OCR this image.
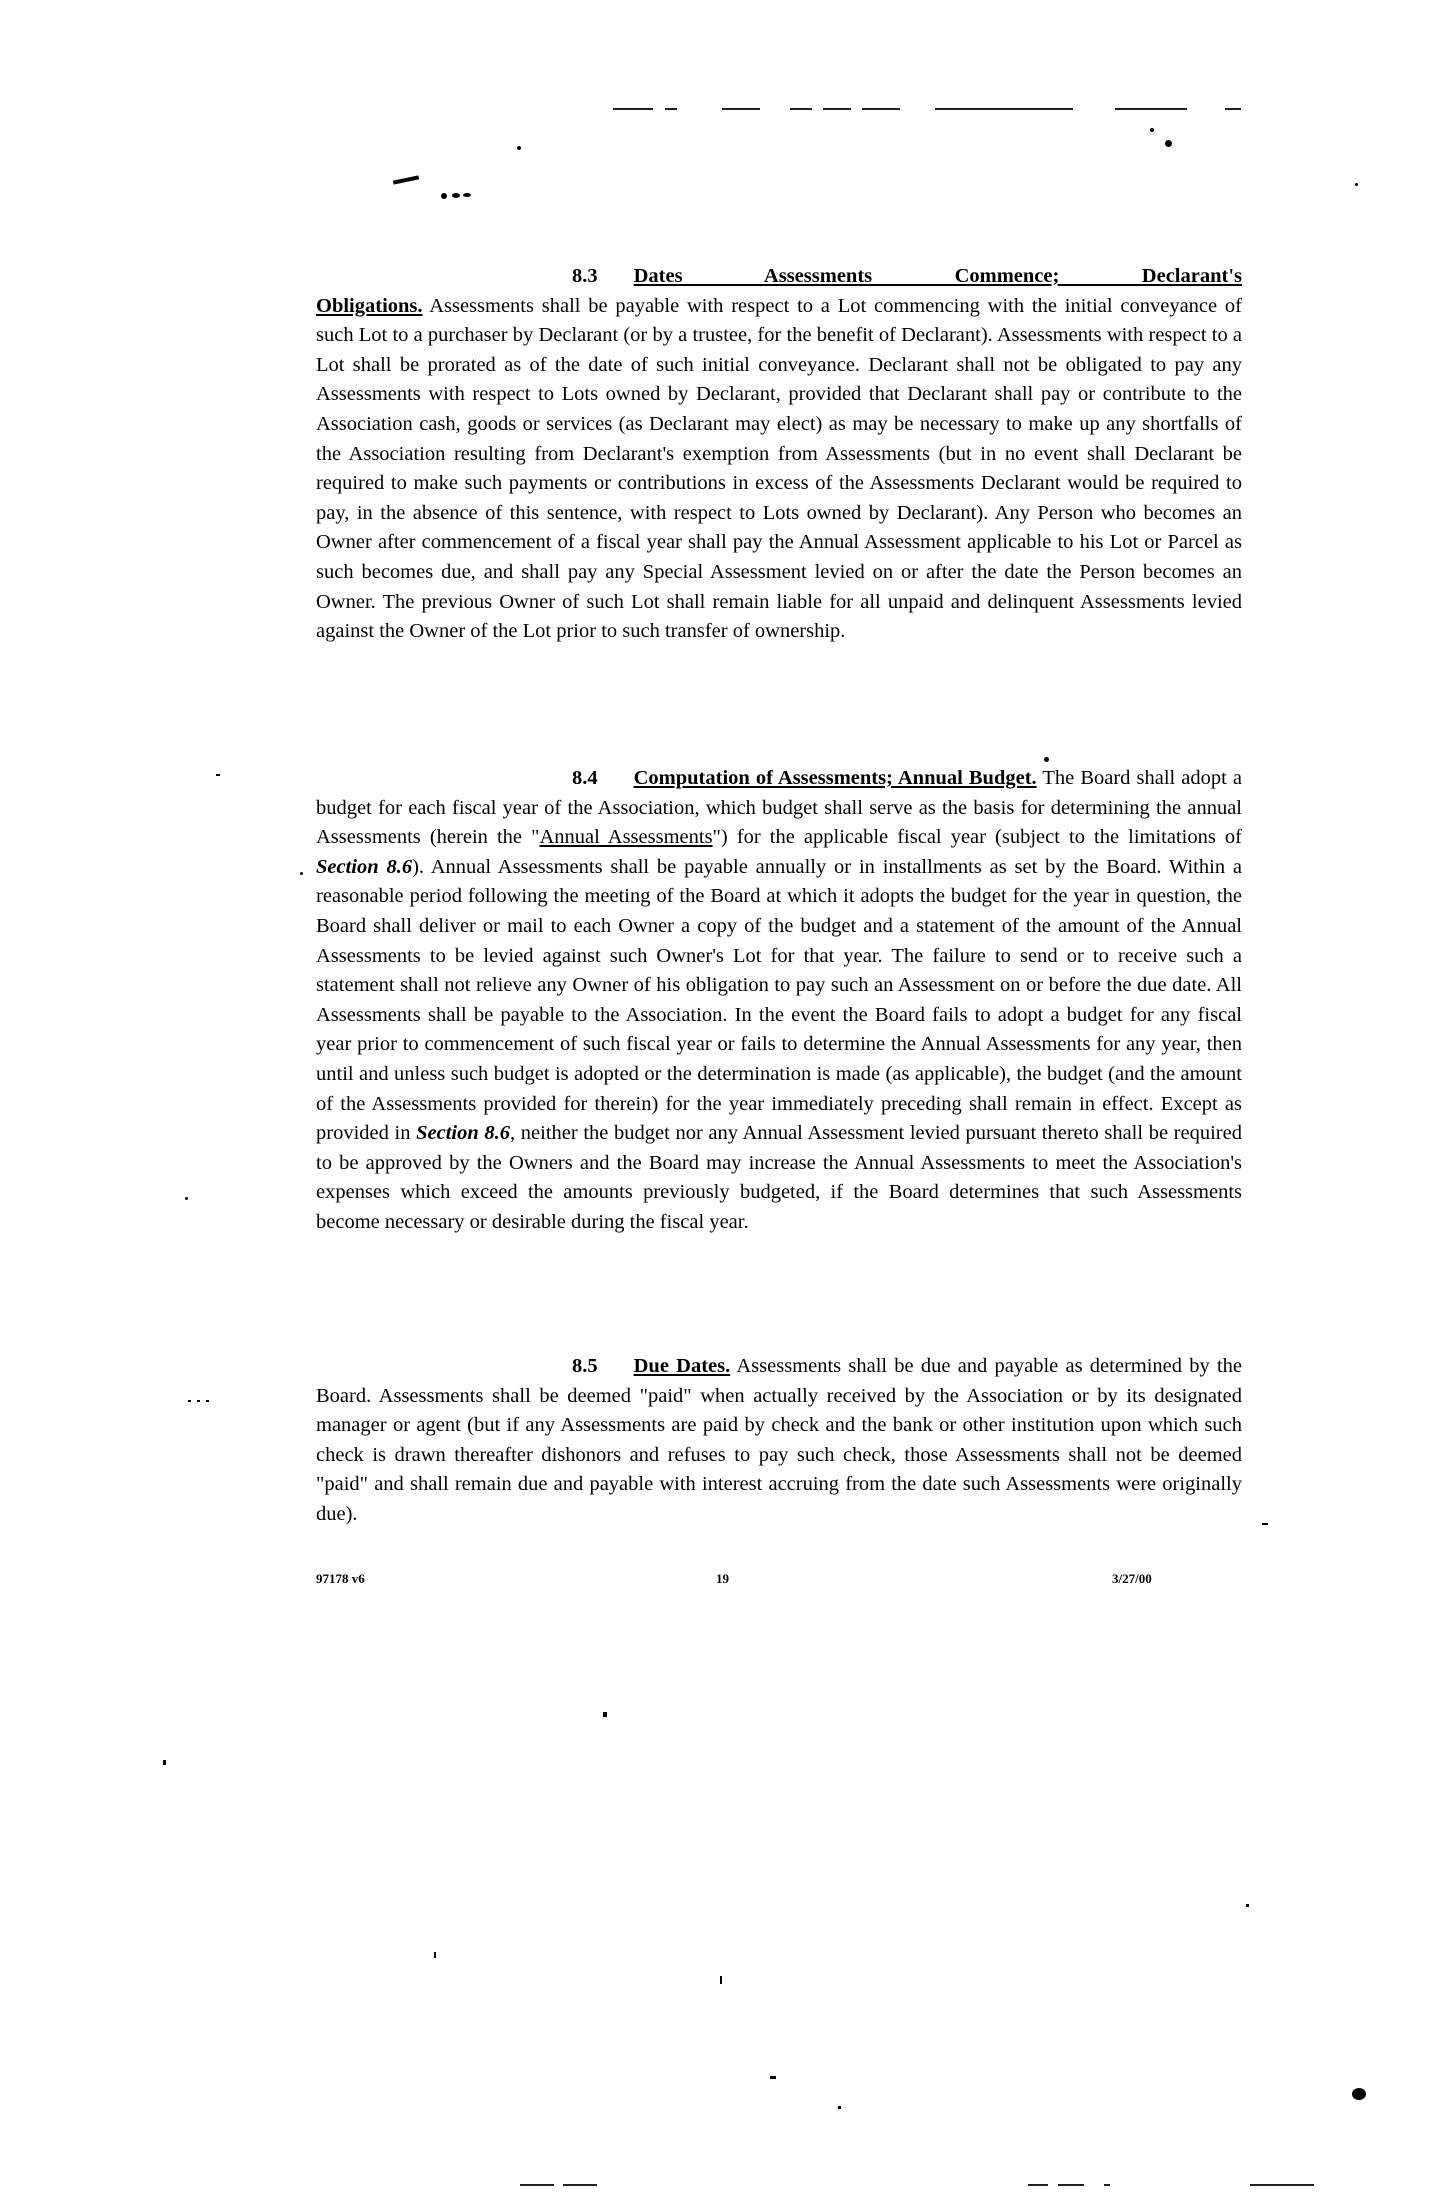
8.3 Dates Assessments Commence; Declarant's Obligations. Assessments shall be payable with respect to a Lot commencing with the initial conveyance of such Lot to a purchaser by Declarant (or by a trustee, for the benefit of Declarant). Assessments with respect to a Lot shall be prorated as of the date of such initial conveyance. Declarant shall not be obligated to pay any Assessments with respect to Lots owned by Declarant, provided that Declarant shall pay or contribute to the Association cash, goods or services (as Declarant may elect) as may be necessary to make up any shortfalls of the Association resulting from Declarant's exemption from Assessments (but in no event shall Declarant be required to make such payments or contributions in excess of the Assessments Declarant would be required to pay, in the absence of this sentence, with respect to Lots owned by Declarant). Any Person who becomes an Owner after commencement of a fiscal year shall pay the Annual Assessment applicable to his Lot or Parcel as such becomes due, and shall pay any Special Assessment levied on or after the date the Person becomes an Owner. The previous Owner of such Lot shall remain liable for all unpaid and delinquent Assessments levied against the Owner of the Lot prior to such transfer of ownership.

8.4 Computation of Assessments; Annual Budget. The Board shall adopt a budget for each fiscal year of the Association, which budget shall serve as the basis for determining the annual Assessments (herein the "Annual Assessments") for the applicable fiscal year (subject to the limitations of Section 8.6). Annual Assessments shall be payable annually or in installments as set by the Board. Within a reasonable period following the meeting of the Board at which it adopts the budget for the year in question, the Board shall deliver or mail to each Owner a copy of the budget and a statement of the amount of the Annual Assessments to be levied against such Owner's Lot for that year. The failure to send or to receive such a statement shall not relieve any Owner of his obligation to pay such an Assessment on or before the due date. All Assessments shall be payable to the Association. In the event the Board fails to adopt a budget for any fiscal year prior to commencement of such fiscal year or fails to determine the Annual Assessments for any year, then until and unless such budget is adopted or the determination is made (as applicable), the budget (and the amount of the Assessments provided for therein) for the year immediately preceding shall remain in effect. Except as provided in Section 8.6, neither the budget nor any Annual Assessment levied pursuant thereto shall be required to be approved by the Owners and the Board may increase the Annual Assessments to meet the Association's expenses which exceed the amounts previously budgeted, if the Board determines that such Assessments become necessary or desirable during the fiscal year.

8.5 Due Dates. Assessments shall be due and payable as determined by the Board. Assessments shall be deemed "paid" when actually received by the Association or by its designated manager or agent (but if any Assessments are paid by check and the bank or other institution upon which such check is drawn thereafter dishonors and refuses to pay such check, those Assessments shall not be deemed "paid" and shall remain due and payable with interest accruing from the date such Assessments were originally due).

97178 v6	19	3/27/00
